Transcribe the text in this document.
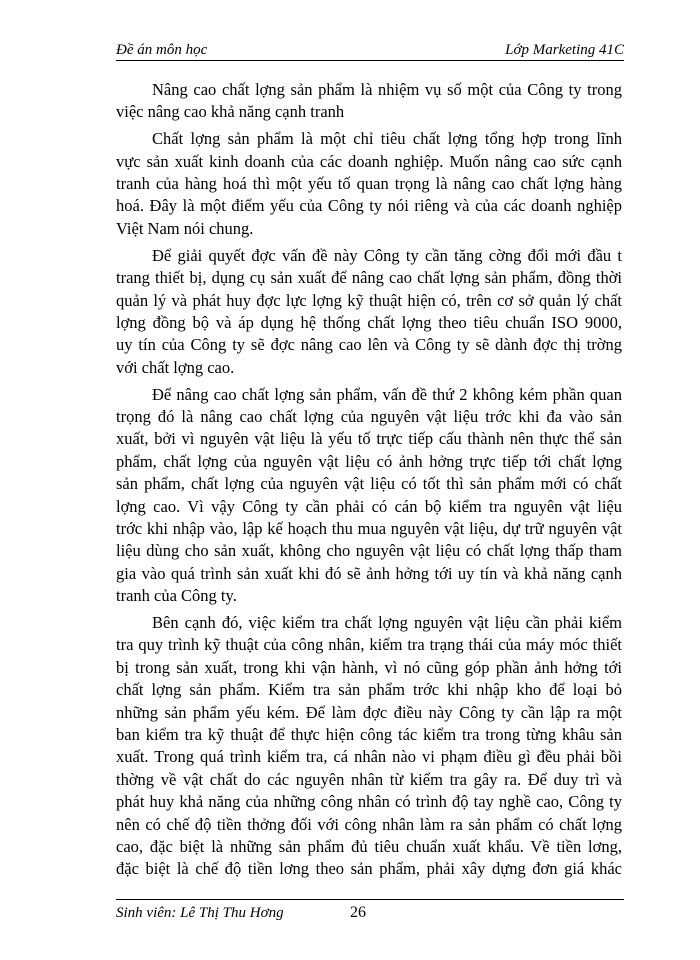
Đề án môn học	Lớp Marketing 41C
Nâng cao chất lợng sản phẩm là nhiệm vụ số một của Công ty trong
việc nâng cao khả năng cạnh tranh
Chất lợng sản phẩm là một chỉ tiêu chất lợng tổng hợp trong lĩnh
vực sản xuất kinh doanh của các doanh nghiệp. Muốn nâng cao sức cạnh
tranh của hàng hoá thì một yếu tố quan trọng là nâng cao chất lợng hàng
hoá. Đây là một điểm yếu của Công ty nói riêng và của các doanh nghiệp
Việt Nam nói chung.
Để giải quyết đợc vấn đề này Công ty cần tăng cờng đổi mới đầu t
trang thiết bị, dụng cụ sản xuất để nâng cao chất lợng sản phẩm, đồng thời
quản lý và phát huy đợc lực lợng kỹ thuật hiện có, trên cơ sở quản lý chất
lợng đồng bộ và áp dụng hệ thống chất lợng theo tiêu chuẩn ISO 9000,
uy tín của Công ty sẽ đợc nâng cao lên và Công ty sẽ dành đợc thị trờng
với chất lợng cao.
Để nâng cao chất lợng sản phẩm, vấn đề thứ 2 không kém phần quan
trọng đó là nâng cao chất lợng của nguyên vật liệu trớc khi đa vào sản
xuất, bởi vì nguyên vật liệu là yếu tố trực tiếp cấu thành nên thực thể sản
phẩm, chất lợng của nguyên vật liệu có ảnh hởng trực tiếp tới chất lợng
sản phẩm, chất lợng của nguyên vật liệu có tốt thì sản phẩm mới có chất
lợng cao. Vì vậy Công ty cần phải có cán bộ kiểm tra nguyên vật liệu
trớc khi nhập vào, lập kế hoạch thu mua nguyên vật liệu, dự trữ nguyên vật
liệu dùng cho sản xuất, không cho nguyên vật liệu có chất lợng thấp tham
gia vào quá trình sản xuất khi đó sẽ ảnh hởng tới uy tín và khả năng cạnh
tranh của Công ty.
Bên cạnh đó, việc kiểm tra chất lợng nguyên vật liệu cần phải kiểm
tra quy trình kỹ thuật của công nhân, kiểm tra trạng thái của máy móc thiết
bị trong sản xuất, trong khi vận hành, vì nó cũng góp phần ảnh hởng tới
chất lợng sản phẩm. Kiểm tra sản phẩm trớc khi nhập kho để loại bỏ
những sản phẩm yếu kém. Để làm đợc điều này Công ty cần lập ra một
ban kiểm tra kỹ thuật để thực hiện công tác kiểm tra trong từng khâu sản
xuất. Trong quá trình kiểm tra, cá nhân nào vi phạm điều gì đều phải bồi
thờng về vật chất do các nguyên nhân từ kiểm tra gây ra. Để duy trì và
phát huy khả năng của những công nhân có trình độ tay nghề cao, Công ty
nên có chế độ tiền thởng đối với công nhân làm ra sản phẩm có chất lợng
cao, đặc biệt là những sản phẩm đủ tiêu chuẩn xuất khẩu. Về tiền lơng,
đặc biệt là chế độ tiền lơng theo sản phẩm, phải xây dựng đơn giá khác
Sinh viên: Lê Thị Thu Hơng	26
